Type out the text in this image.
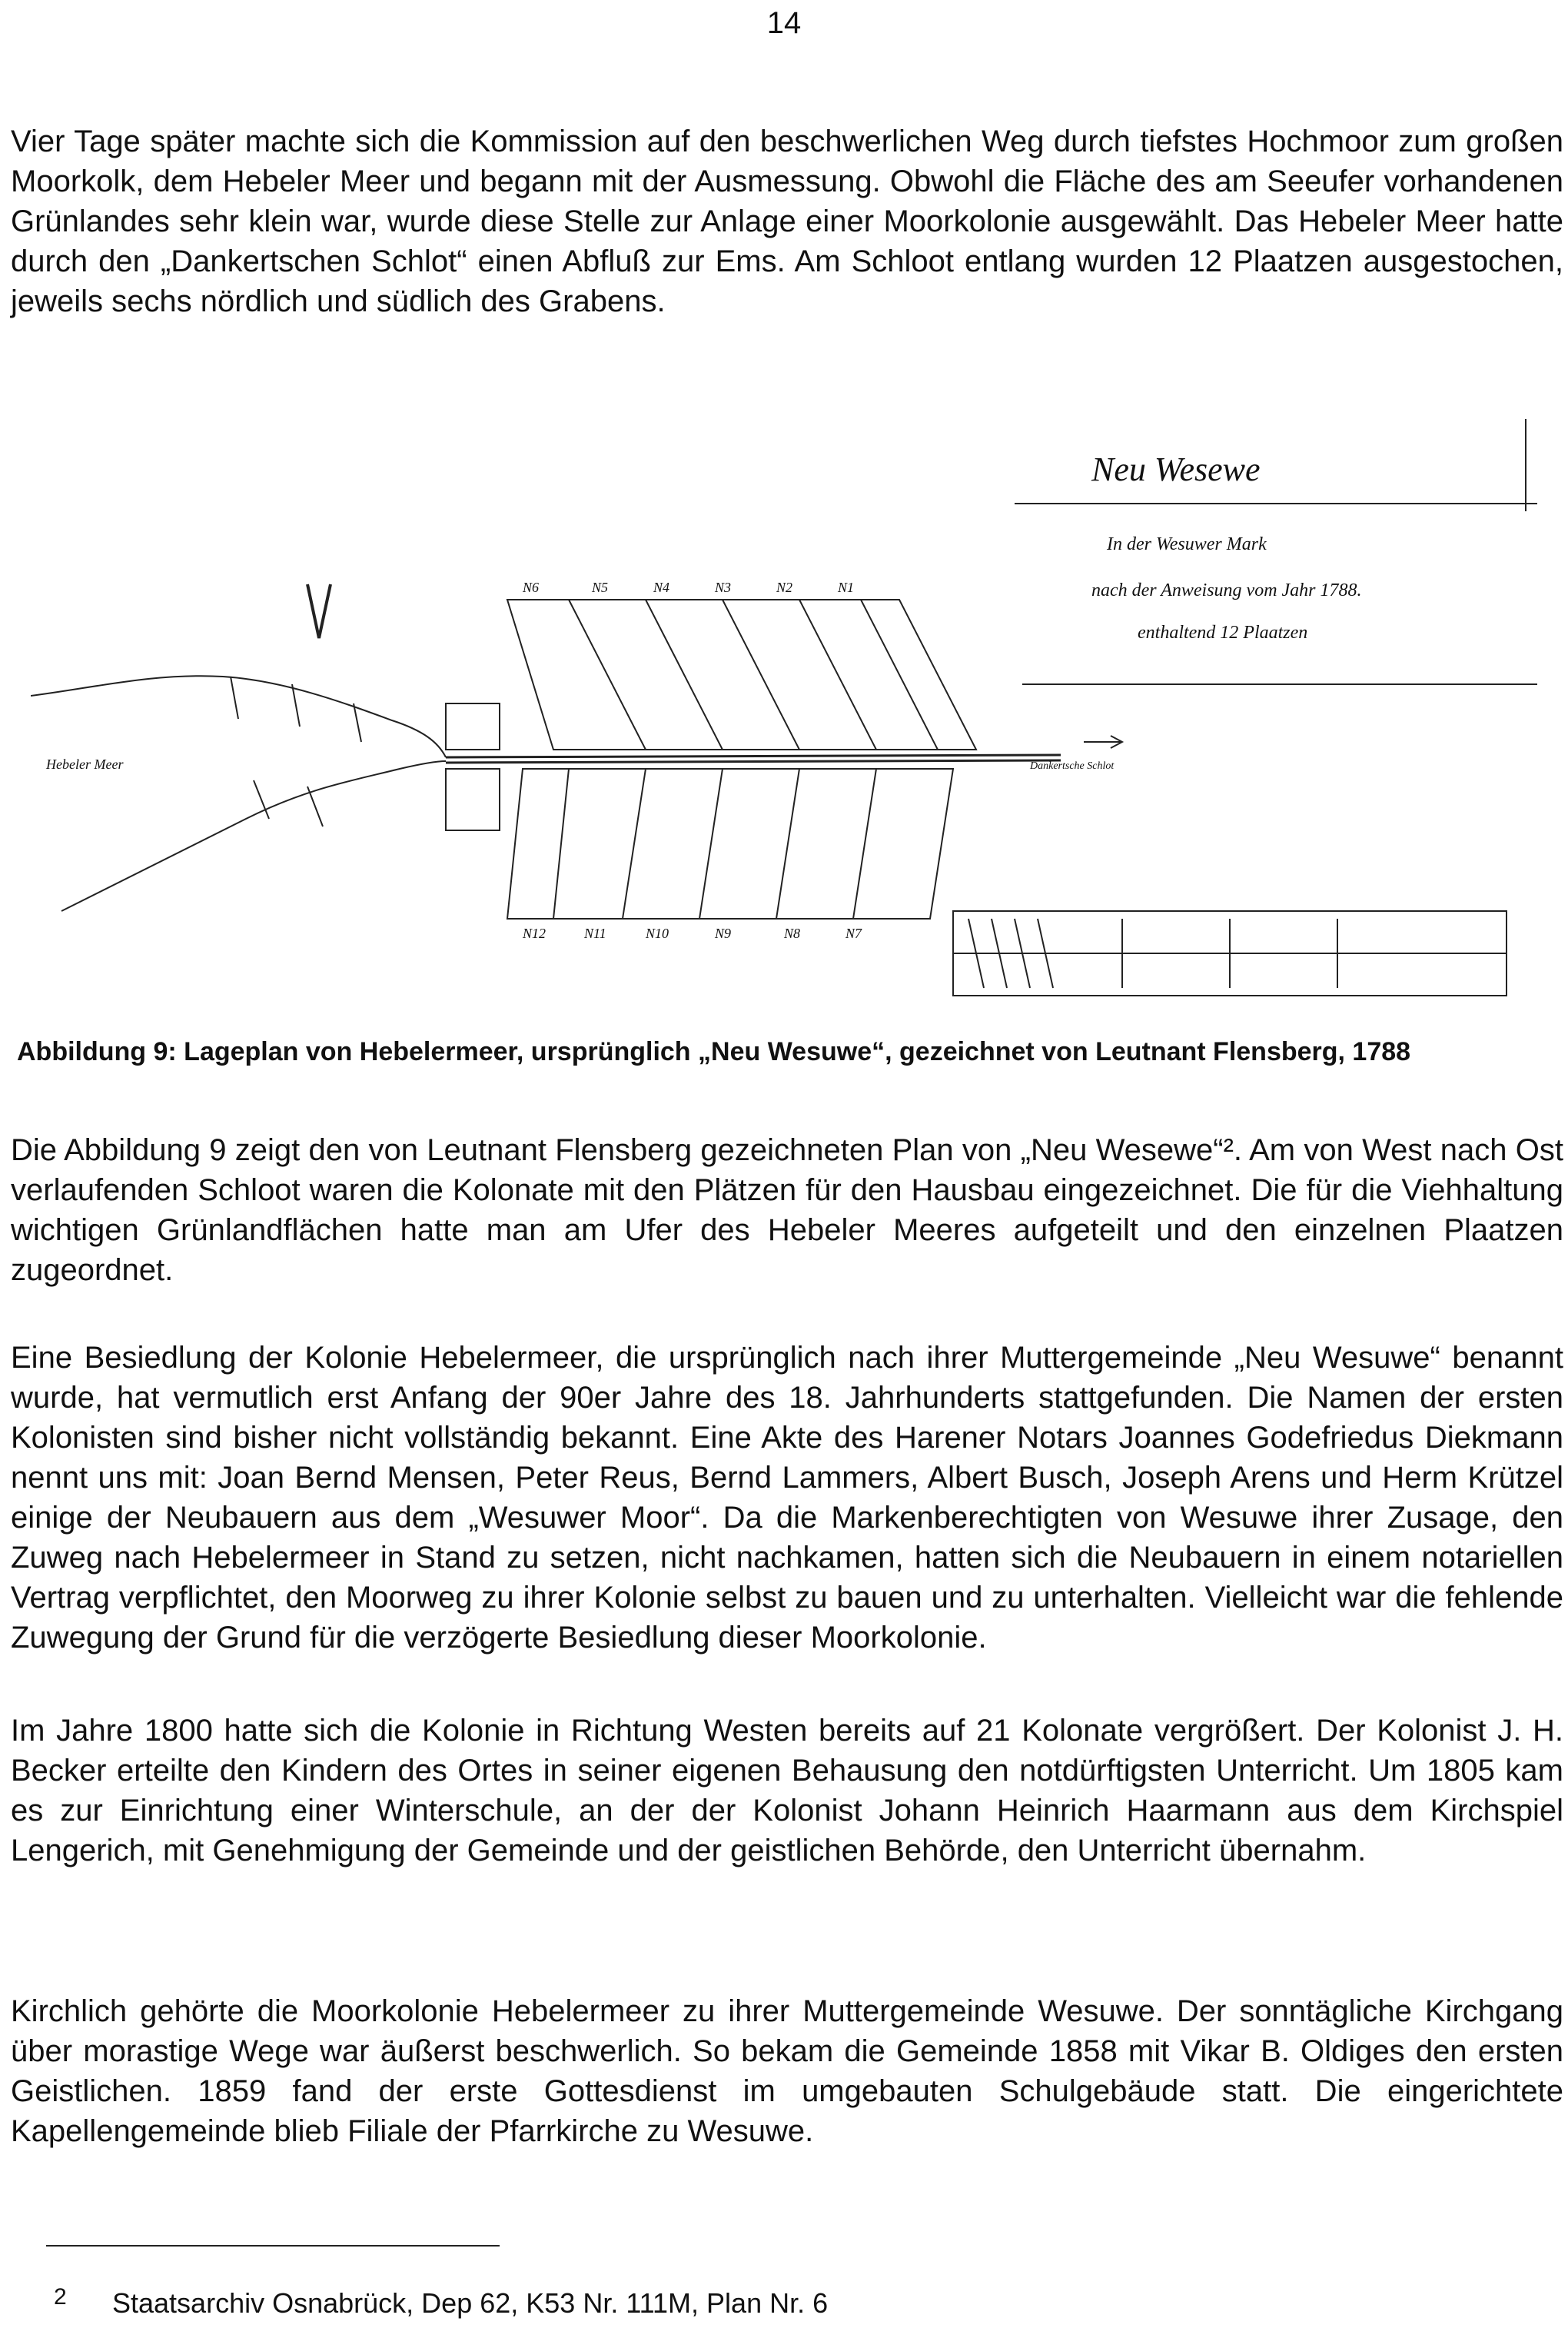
14

Vier Tage später machte sich die Kommission auf den beschwerlichen Weg durch tiefstes Hochmoor zum großen Moorkolk, dem Hebeler Meer und begann mit der Ausmessung. Obwohl die Fläche des am Seeufer vorhandenen Grünlandes sehr klein war, wurde diese Stelle zur Anlage einer Moorkolonie ausgewählt. Das Hebeler Meer hatte durch den „Dankertschen Schlot“ einen Abfluß zur Ems. Am Schloot entlang wurden 12 Plaatzen ausgestochen, jeweils sechs nördlich und südlich des Grabens.

Neu Wesewe
In der Wesuwer Mark
nach der Anweisung vom Jahr 1788.
enthaltend 12 Plaatzen
Hebeler Meer	Dankertsche Schlot
N6	N5	N4	N3	N2	N1
N12	N11	N10	N9	N8	N7

Abbildung 9: Lageplan von Hebelermeer, ursprünglich „Neu Wesuwe“, gezeichnet von Leutnant Flensberg, 1788

Die Abbildung 9 zeigt den von Leutnant Flensberg gezeichneten Plan von „Neu Wesewe“². Am von West nach Ost verlaufenden Schloot waren die Kolonate mit den Plätzen für den Hausbau eingezeichnet. Die für die Viehhaltung wichtigen Grünlandflächen hatte man am Ufer des Hebeler Meeres aufgeteilt und den einzelnen Plaatzen zugeordnet.

Eine Besiedlung der Kolonie Hebelermeer, die ursprünglich nach ihrer Muttergemeinde „Neu Wesuwe“ benannt wurde, hat vermutlich erst Anfang der 90er Jahre des 18. Jahrhunderts stattgefunden. Die Namen der ersten Kolonisten sind bisher nicht vollständig bekannt. Eine Akte des Harener Notars Joannes Godefriedus Diekmann nennt uns mit: Joan Bernd Mensen, Peter Reus, Bernd Lammers, Albert Busch, Joseph Arens und Herm Krützel einige der Neubauern aus dem „Wesuwer Moor“. Da die Markenberechtigten von Wesuwe ihrer Zusage, den Zuweg nach Hebelermeer in Stand zu setzen, nicht nachkamen, hatten sich die Neubauern in einem notariellen Vertrag verpflichtet, den Moorweg zu ihrer Kolonie selbst zu bauen und zu unterhalten. Vielleicht war die fehlende Zuwegung der Grund für die verzögerte Besiedlung dieser Moorkolonie.

Im Jahre 1800 hatte sich die Kolonie in Richtung Westen bereits auf 21 Kolonate vergrößert. Der Kolonist J. H. Becker erteilte den Kindern des Ortes in seiner eigenen Behausung den notdürftigsten Unterricht. Um 1805 kam es zur Einrichtung einer Winterschule, an der der Kolonist Johann Heinrich Haarmann aus dem Kirchspiel Lengerich, mit Genehmigung der Gemeinde und der geistlichen Behörde, den Unterricht übernahm.

Kirchlich gehörte die Moorkolonie Hebelermeer zu ihrer Muttergemeinde Wesuwe. Der sonntägliche Kirchgang über morastige Wege war äußerst beschwerlich. So bekam die Gemeinde 1858 mit Vikar B. Oldiges den ersten Geistlichen. 1859 fand der erste Gottesdienst im umgebauten Schulgebäude statt. Die eingerichtete Kapellengemeinde blieb Filiale der Pfarrkirche zu Wesuwe.

2 Staatsarchiv Osnabrück, Dep 62, K53 Nr. 111M, Plan Nr. 6
